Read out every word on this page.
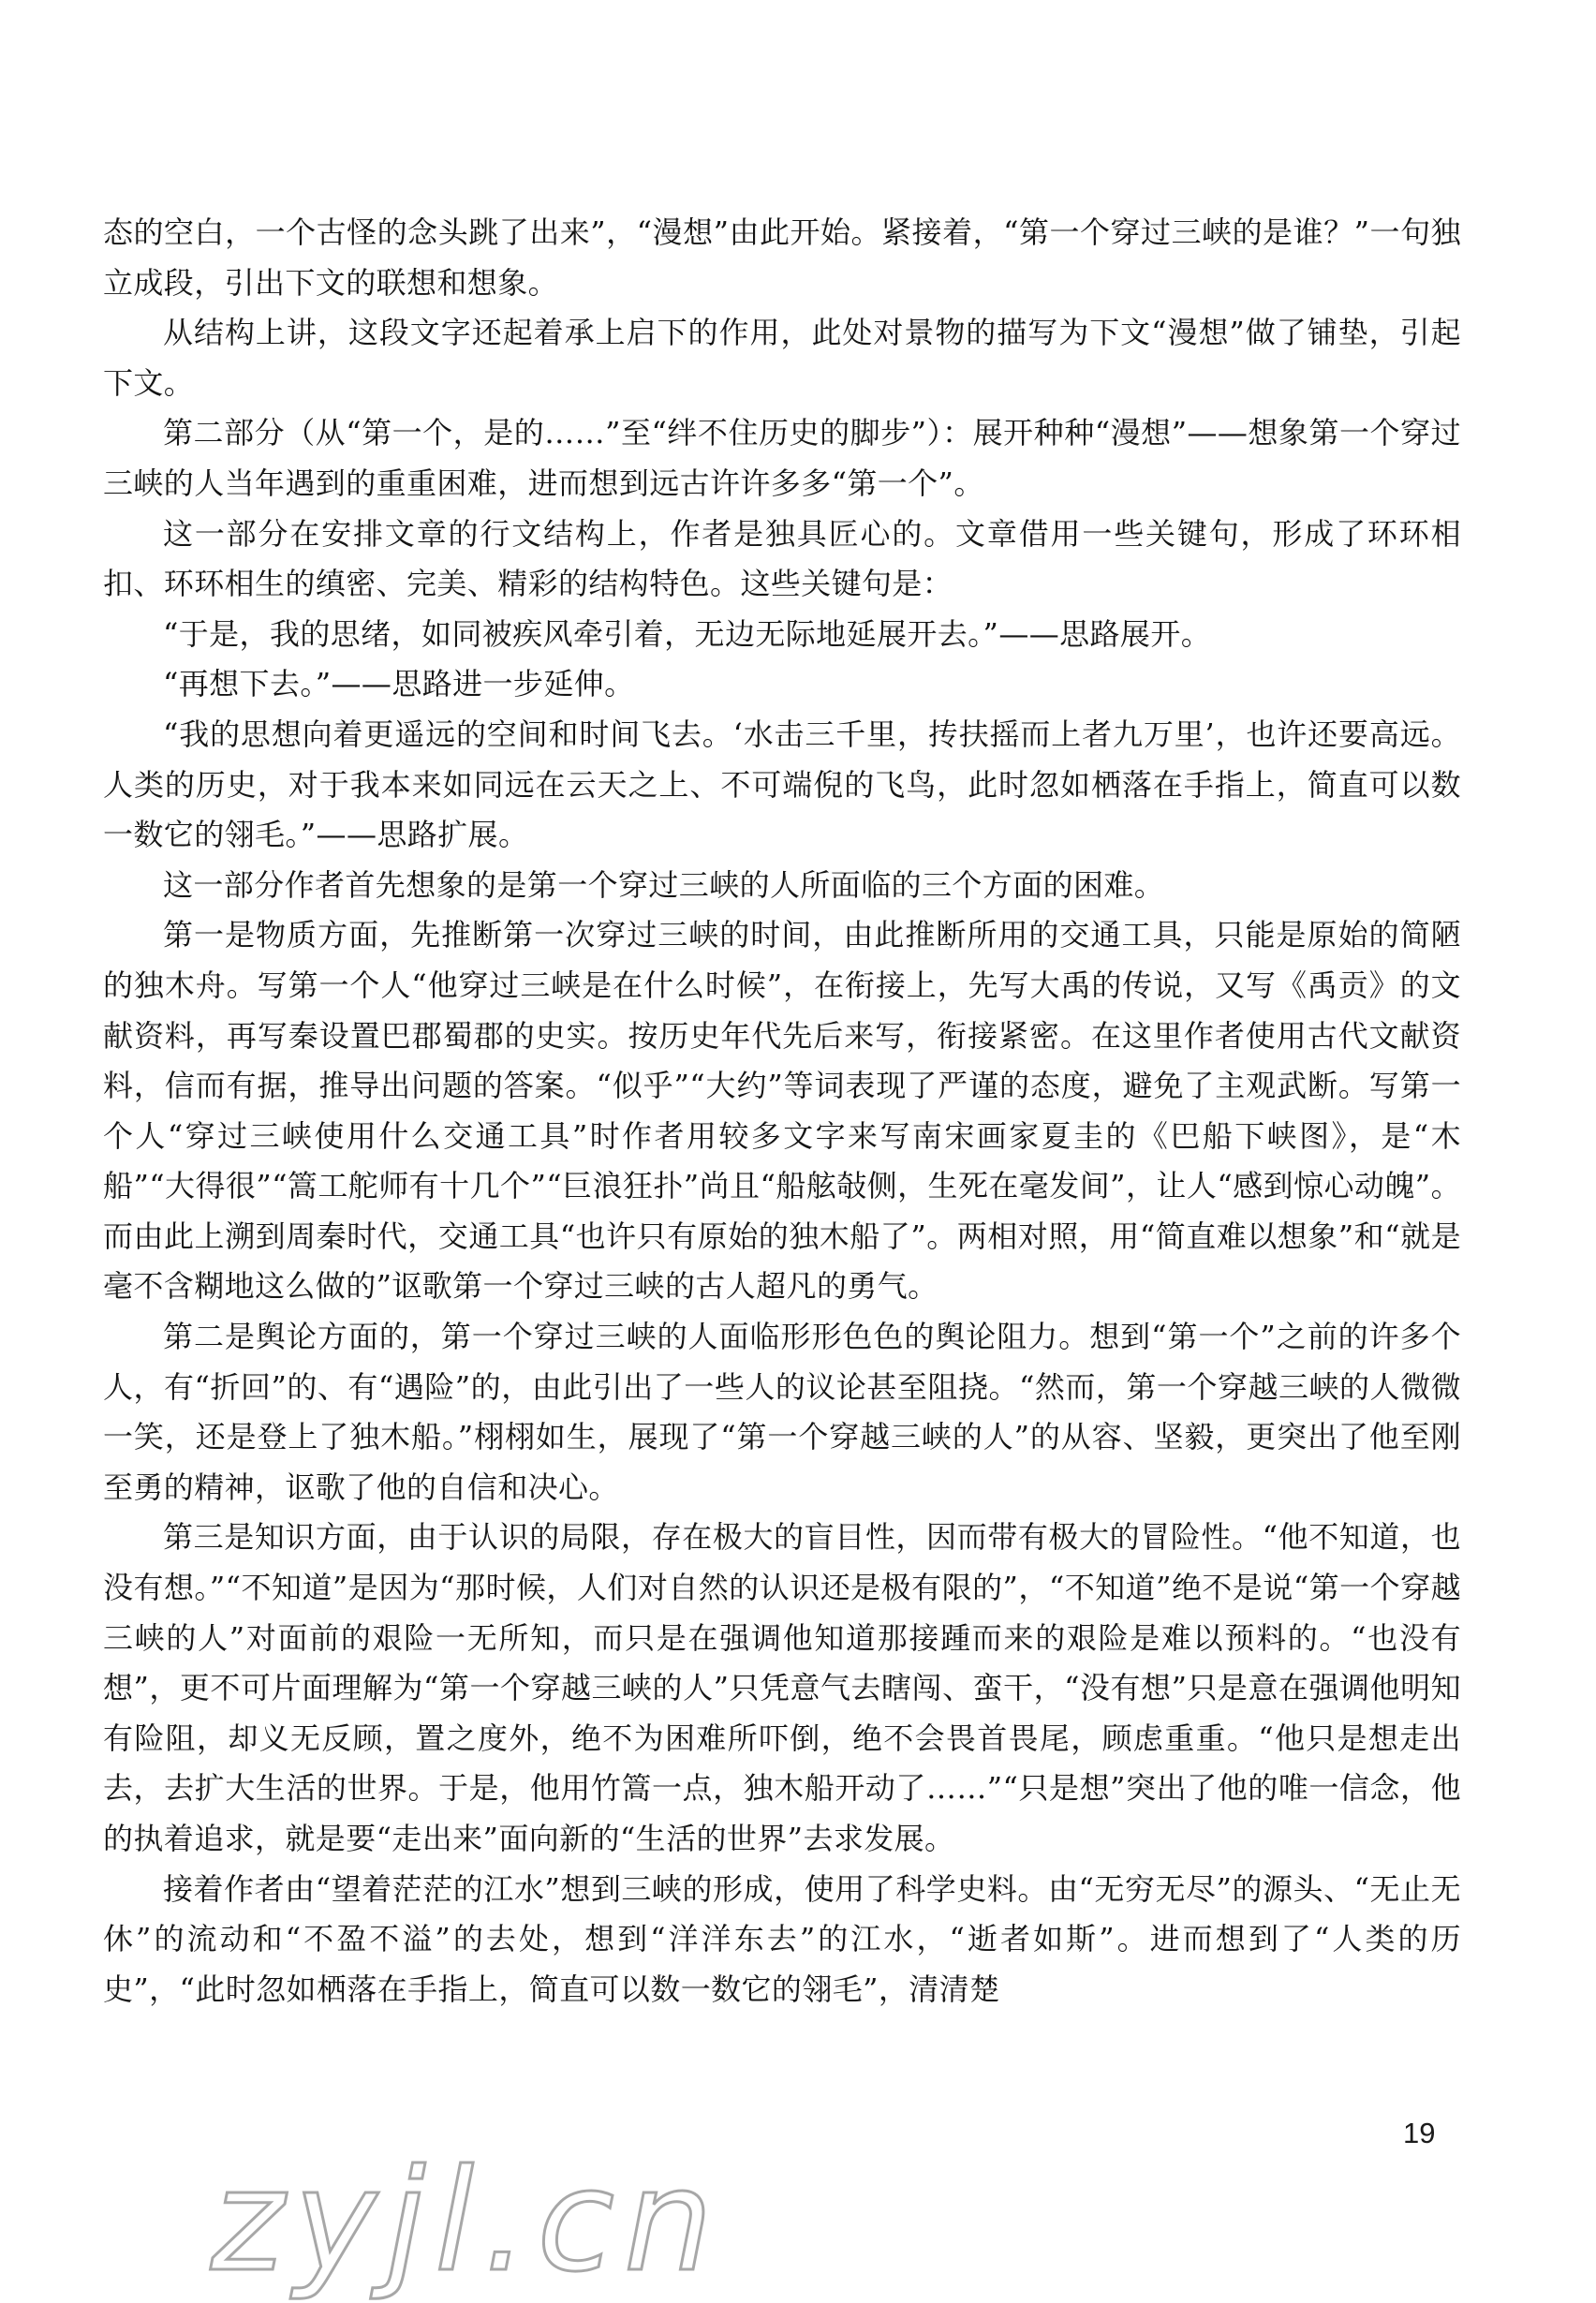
态的空白，一个古怪的念头跳了出来”，“漫想”由此开始。紧接着，“第一个穿过三峡的是谁？”一句独立成段，引出下文的联想和想象。

从结构上讲，这段文字还起着承上启下的作用，此处对景物的描写为下文“漫想”做了铺垫，引起下文。

第二部分（从“第一个，是的……”至“绊不住历史的脚步”）：展开种种“漫想”——想象第一个穿过三峡的人当年遇到的重重困难，进而想到远古许许多多“第一个”。

这一部分在安排文章的行文结构上，作者是独具匠心的。文章借用一些关键句，形成了环环相扣、环环相生的缜密、完美、精彩的结构特色。这些关键句是：

“于是，我的思绪，如同被疾风牵引着，无边无际地延展开去。”——思路展开。

“再想下去。”——思路进一步延伸。

“我的思想向着更遥远的空间和时间飞去。‘水击三千里，抟扶摇而上者九万里’，也许还要高远。人类的历史，对于我本来如同远在云天之上、不可端倪的飞鸟，此时忽如栖落在手指上，简直可以数一数它的翎毛。”——思路扩展。

这一部分作者首先想象的是第一个穿过三峡的人所面临的三个方面的困难。

第一是物质方面，先推断第一次穿过三峡的时间，由此推断所用的交通工具，只能是原始的简陋的独木舟。写第一个人“他穿过三峡是在什么时候”，在衔接上，先写大禹的传说，又写《禹贡》的文献资料，再写秦设置巴郡蜀郡的史实。按历史年代先后来写，衔接紧密。在这里作者使用古代文献资料，信而有据，推导出问题的答案。“似乎”“大约”等词表现了严谨的态度，避免了主观武断。写第一个人“穿过三峡使用什么交通工具”时作者用较多文字来写南宋画家夏圭的《巴船下峡图》，是“木船”“大得很”“篙工舵师有十几个”“巨浪狂扑”尚且“船舷敧侧，生死在毫发间”，让人“感到惊心动魄”。而由此上溯到周秦时代，交通工具“也许只有原始的独木船了”。两相对照，用“简直难以想象”和“就是毫不含糊地这么做的”讴歌第一个穿过三峡的古人超凡的勇气。

第二是舆论方面的，第一个穿过三峡的人面临形形色色的舆论阻力。想到“第一个”之前的许多个人，有“折回”的、有“遇险”的，由此引出了一些人的议论甚至阻挠。“然而，第一个穿越三峡的人微微一笑，还是登上了独木船。”栩栩如生，展现了“第一个穿越三峡的人”的从容、坚毅，更突出了他至刚至勇的精神，讴歌了他的自信和决心。

第三是知识方面，由于认识的局限，存在极大的盲目性，因而带有极大的冒险性。“他不知道，也没有想。”“不知道”是因为“那时候，人们对自然的认识还是极有限的”，“不知道”绝不是说“第一个穿越三峡的人”对面前的艰险一无所知，而只是在强调他知道那接踵而来的艰险是难以预料的。“也没有想”，更不可片面理解为“第一个穿越三峡的人”只凭意气去瞎闯、蛮干，“没有想”只是意在强调他明知有险阻，却义无反顾，置之度外，绝不为困难所吓倒，绝不会畏首畏尾，顾虑重重。“他只是想走出去，去扩大生活的世界。于是，他用竹篙一点，独木船开动了……”“只是想”突出了他的唯一信念，他的执着追求，就是要“走出来”面向新的“生活的世界”去求发展。

接着作者由“望着茫茫的江水”想到三峡的形成，使用了科学史料。由“无穷无尽”的源头、“无止无休”的流动和“不盈不溢”的去处，想到“洋洋东去”的江水，“逝者如斯”。进而想到了“人类的历史”，“此时忽如栖落在手指上，简直可以数一数它的翎毛”，清清楚

19
zyjl.cn
